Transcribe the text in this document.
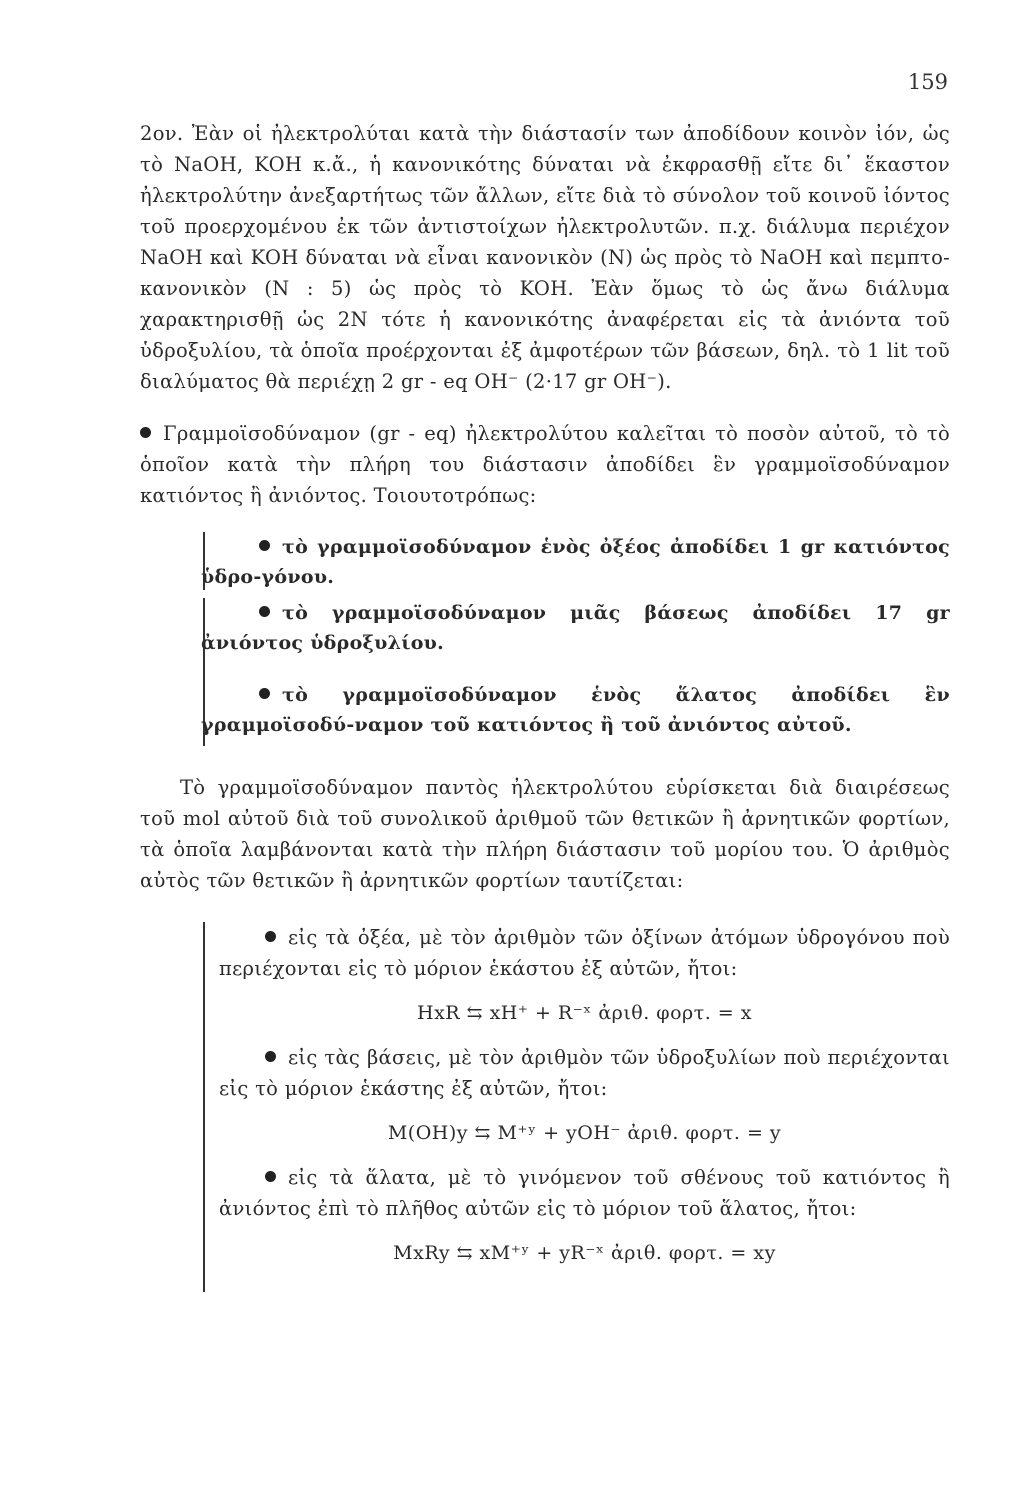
159
2ον. Ἐὰν οἱ ἠλεκτρολύται κατὰ τὴν διάστασίν των ἀποδίδουν κοινὸν ἰόν, ὡς τὸ NaOH, KOH κ.ἄ., ἡ κανονικότης δύναται νὰ ἐκφρασθῇ εἴτε δι᾽ ἕκαστον ἠλεκτρολύτην ἀνεξαρτήτως τῶν ἄλλων, εἴτε διὰ τὸ σύνολον τοῦ κοινοῦ ἰόντος τοῦ προερχομένου ἐκ τῶν ἀντιστοίχων ἠλεκτρολυτῶν. π.χ. διάλυμα περιέχον NaOH καὶ KOH δύναται νὰ εἶναι κανονικὸν (N) ὡς πρὸς τὸ NaOH καὶ πεμπτο-κανονικὸν (N : 5) ὡς πρὸς τὸ KOH. Ἐὰν ὅμως τὸ ὡς ἄνω διάλυμα χαρακτηρισθῇ ὡς 2N τότε ἡ κανονικότης ἀναφέρεται εἰς τὰ ἀνιόντα τοῦ ὑδροξυλίου, τὰ ὁποῖα προέρχονται ἐξ ἀμφοτέρων τῶν βάσεων, δηλ. τὸ 1 lit τοῦ διαλύματος θὰ περιέχῃ 2 gr - eq OH⁻ (2·17 gr OH⁻).
Γραμμοϊσοδύναμον (gr - eq) ἠλεκτρολύτου καλεῖται τὸ ποσὸν αὐτοῦ, τὸ τὸ ὁποῖον κατὰ τὴν πλήρη του διάστασιν ἀποδίδει ἓν γραμμοϊσοδύναμον κατιόντος ἢ ἀνιόντος. Τοιουτοτρόπως:
τὸ γραμμοϊσοδύναμον ἑνὸς ὀξέος ἀποδίδει 1 gr κατιόντος ὑδρο-γόνου.
τὸ γραμμοϊσοδύναμον μιᾶς βάσεως ἀποδίδει 17 gr ἀνιόντος ὑδροξυλίου.
τὸ γραμμοϊσοδύναμον ἑνὸς ἅλατος ἀποδίδει ἓν γραμμοϊσοδύ-ναμον τοῦ κατιόντος ἢ τοῦ ἀνιόντος αὐτοῦ.
Τὸ γραμμοϊσοδύναμον παντὸς ἠλεκτρολύτου εὑρίσκεται διὰ διαιρέσεως τοῦ mol αὐτοῦ διὰ τοῦ συνολικοῦ ἀριθμοῦ τῶν θετικῶν ἢ ἀρνητικῶν φορτίων, τὰ ὁποῖα λαμβάνονται κατὰ τὴν πλήρη διάστασιν τοῦ μορίου του. Ὁ ἀριθμὸς αὐτὸς τῶν θετικῶν ἢ ἀρνητικῶν φορτίων ταυτίζεται:
εἰς τὰ ὀξέα, μὲ τὸν ἀριθμὸν τῶν ὀξίνων ἀτόμων ὑδρογόνου ποὺ περιέχονται εἰς τὸ μόριον ἑκάστου ἐξ αὐτῶν, ἤτοι:
HxR ⇆ xH⁺ + R⁻ˣ ἀριθ. φορτ. = x
εἰς τὰς βάσεις, μὲ τὸν ἀριθμὸν τῶν ὑδροξυλίων ποὺ περιέχονται εἰς τὸ μόριον ἑκάστης ἐξ αὐτῶν, ἤτοι:
M(OH)y ⇆ M⁺ʸ + yOH⁻ ἀριθ. φορτ. = y
εἰς τὰ ἅλατα, μὲ τὸ γινόμενον τοῦ σθένους τοῦ κατιόντος ἢ ἀνιόντος ἐπὶ τὸ πλῆθος αὐτῶν εἰς τὸ μόριον τοῦ ἅλατος, ἤτοι:
MxRy ⇆ xM⁺ʸ + yR⁻ˣ ἀριθ. φορτ. = xy
